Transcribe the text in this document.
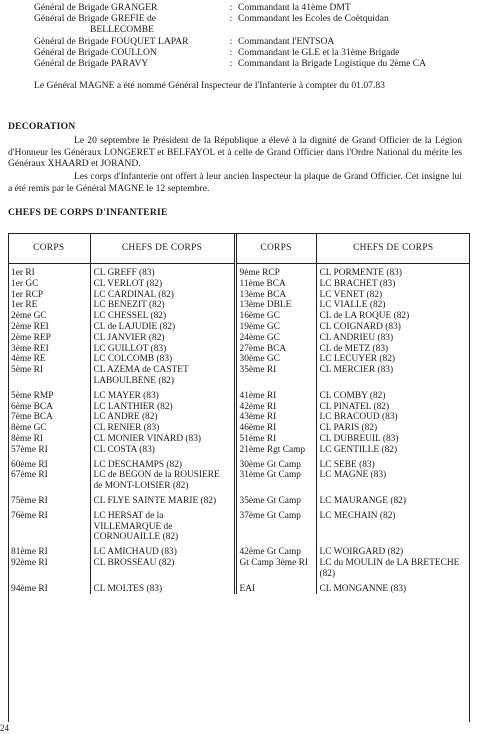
Général de Brigade GRANGER	: Commandant la 41ème DMT
Général de Brigade GREFIE de	: Commandant les Ecoles de Coëtquidan
BELLECOMBE
Général de Brigade FOUQUET LAPAR	: Commandant l'ENTSOA
Général de Brigade COULLON	: Commandant le GLE et la 31ème Brigade
Général de Brigade PARAVY	: Commandant la Brigade Logistique du 2ème CA
Le Général MAGNE a été nommé Général Inspecteur de l'Infanterie à compter du 01.07.83
DECORATION
Le 20 septembre le Président de la République a élevé à la dignité de Grand Officier de la Légion d'Honneur les Généraux LONGERET et BELFAYOL et à celle de Grand Officier dans l'Ordre National du mérite les Généraux XHAARD et JORAND.
Les corps d'Infanterie ont offert à leur ancien Inspecteur la plaque de Grand Officier. Cet insigne lui a été remis par le Général MAGNE le 12 septembre.
CHEFS DE CORPS D'INFANTERIE
CORPS	CHEFS DE CORPS	CORPS	CHEFS DE CORPS

1er RI	CL GREFF (83)	9ème RCP	CL PORMENTE (83)
1er GC	CL VERLOT (82)	11ème BCA	LC BRACHET (83)
1er RCP	LC CARDINAL (82)	13ème BCA	LC VENET (82)
1er RE	LC BENEZIT (82)	13ème DBLE	LC VIALLE (82)
2ème GC	LC CHESSEL (82)	16ème GC	CL de LA ROQUE (82)
2ème REI	CL de LAJUDIE (82)	19ème GC	CL COIGNARD (83)
2ème REP	CL JANVIER (82)	24ème GC	CL ANDRIEU (83)
3ème REI	LC GUILLOT (83)	27ème BCA	CL de METZ (83)
4ème RE	LC COLCOMB (83)	30ème GC	LC LECUYER (82)
5ème RI	CL AZEMA de CASTET LABOULBENE (82)	35ème RI	CL MERCIER (83)

5ème RMP	LC MAYER (83)	41ème RI	CL COMBY (82)
6ème BCA	LC LANTHIER (82)	42ème RI	CL PINATEL (82)
7ème BCA	LC ANDRE (82)	43ème RI	LC BRACOUD (83)
8ème GC	CL RENIER (83)	46ème RI	CL PARIS (82)
8ème RI	CL MONIER VINARD (83)	51ème RI	CL DUBREUIL (83)
57ème RI	CL COSTA (83)	21ème Rgt Camp	LC GENTILLE (82)

60ème RI	LC DESCHAMPS (82)	30ème Gt Camp	LC SEBE (83)
67ème RI	LC de BEGON de la ROUSIERE de MONT-LOISIER (82)	31ème Gt Camp	LC MAGNE (83)

75ème RI	CL FLYE SAINTE MARIE (82)	35ème Gt Camp	LC MAURANGE (82)

76ème RI	LC HERSAT de la VILLEMARQUE de CORNOUAILLE (82)	37ème Gt Camp	LC MECHAIN (82)

81ème RI	LC AMICHAUD (83)	42ème Gt Camp	LC WOIRGARD (82)
92ème RI	CL BROSSEAU (82)	Gt Camp 3ème RI	LC du MOULIN de LA BRETECHE (82)

94ème RI	CL MOLTES (83)	EAI	CL MONGANNE (83)
24
